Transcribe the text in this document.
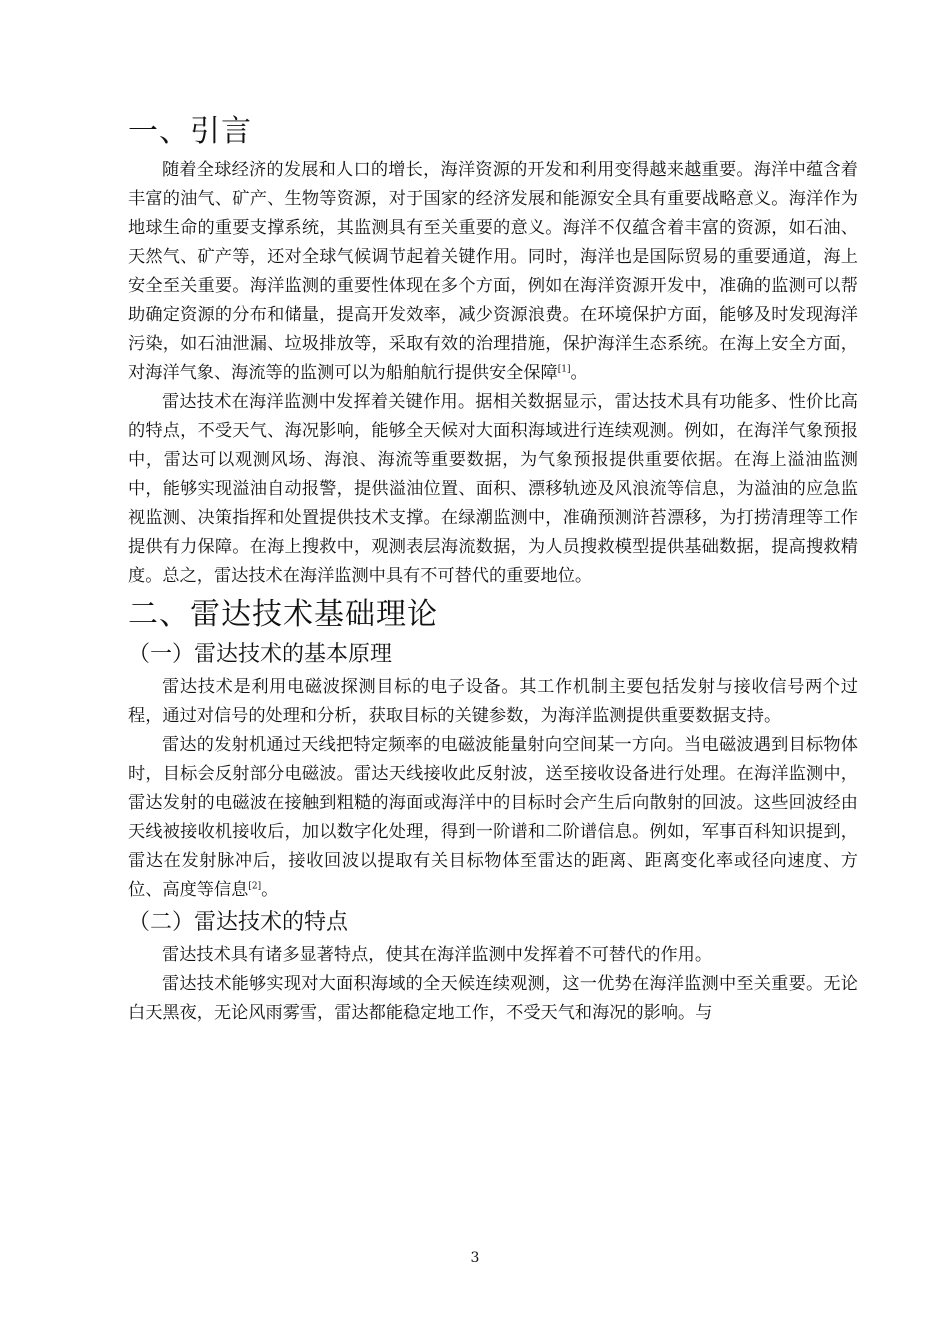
一、引言

随着全球经济的发展和人口的增长，海洋资源的开发和利用变得越来越重要。海洋中蕴含着丰富的油气、矿产、生物等资源，对于国家的经济发展和能源安全具有重要战略意义。海洋作为地球生命的重要支撑系统，其监测具有至关重要的意义。海洋不仅蕴含着丰富的资源，如石油、天然气、矿产等，还对全球气候调节起着关键作用。同时，海洋也是国际贸易的重要通道，海上安全至关重要。海洋监测的重要性体现在多个方面，例如在海洋资源开发中，准确的监测可以帮助确定资源的分布和储量，提高开发效率，减少资源浪费。在环境保护方面，能够及时发现海洋污染，如石油泄漏、垃圾排放等，采取有效的治理措施，保护海洋生态系统。在海上安全方面，对海洋气象、海流等的监测可以为船舶航行提供安全保障[1]。

雷达技术在海洋监测中发挥着关键作用。据相关数据显示，雷达技术具有功能多、性价比高的特点，不受天气、海况影响，能够全天候对大面积海域进行连续观测。例如，在海洋气象预报中，雷达可以观测风场、海浪、海流等重要数据，为气象预报提供重要依据。在海上溢油监测中，能够实现溢油自动报警，提供溢油位置、面积、漂移轨迹及风浪流等信息，为溢油的应急监视监测、决策指挥和处置提供技术支撑。在绿潮监测中，准确预测浒苔漂移，为打捞清理等工作提供有力保障。在海上搜救中，观测表层海流数据，为人员搜救模型提供基础数据，提高搜救精度。总之，雷达技术在海洋监测中具有不可替代的重要地位。

二、雷达技术基础理论
（一）雷达技术的基本原理

雷达技术是利用电磁波探测目标的电子设备。其工作机制主要包括发射与接收信号两个过程，通过对信号的处理和分析，获取目标的关键参数，为海洋监测提供重要数据支持。

雷达的发射机通过天线把特定频率的电磁波能量射向空间某一方向。当电磁波遇到目标物体时，目标会反射部分电磁波。雷达天线接收此反射波，送至接收设备进行处理。在海洋监测中，雷达发射的电磁波在接触到粗糙的海面或海洋中的目标时会产生后向散射的回波。这些回波经由天线被接收机接收后，加以数字化处理，得到一阶谱和二阶谱信息。例如，军事百科知识提到，雷达在发射脉冲后，接收回波以提取有关目标物体至雷达的距离、距离变化率或径向速度、方位、高度等信息[2]。

（二）雷达技术的特点

雷达技术具有诸多显著特点，使其在海洋监测中发挥着不可替代的作用。

雷达技术能够实现对大面积海域的全天候连续观测，这一优势在海洋监测中至关重要。无论白天黑夜，无论风雨雾雪，雷达都能稳定地工作，不受天气和海况的影响。与

3
